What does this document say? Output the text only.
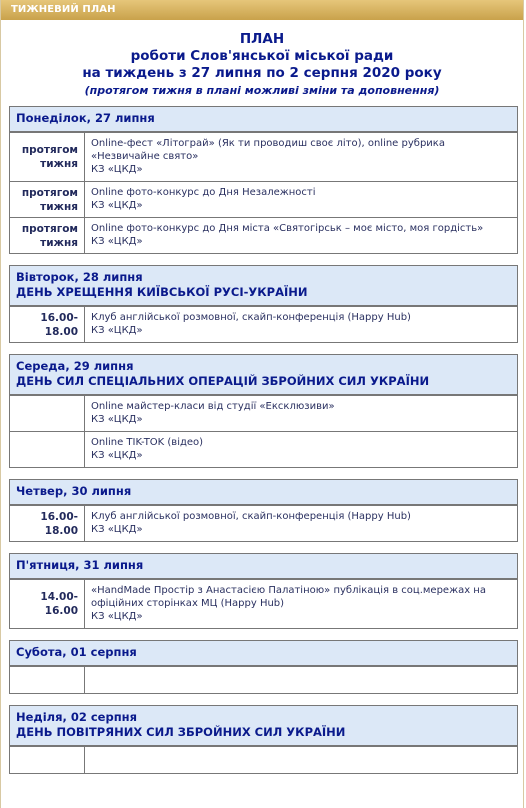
ТИЖНЕВИЙ ПЛАН
ПЛАН
роботи Слов'янської міської ради
на тиждень з 27 липня по 2 серпня 2020 року
(протягом тижня в плані можливі зміни та доповнення)
Понеділок, 27 липня
протягом тижня
Online-фест «Літограй» (Як ти проводиш своє літо), online рубрика «Незвичайне свято»
КЗ «ЦКД»
протягом тижня
Online фото-конкурс до Дня Незалежності
КЗ «ЦКД»
протягом тижня
Online фото-конкурс до Дня міста «Святогірськ – моє місто, моя гордість»
КЗ «ЦКД»
Вівторок, 28 липня
ДЕНЬ ХРЕЩЕННЯ КИЇВСЬКОЇ РУСІ-УКРАЇНИ
16.00-18.00
Клуб англійської розмовної, скайп-конференція (Happy Hub)
КЗ «ЦКД»
Середа, 29 липня
ДЕНЬ СИЛ СПЕЦІАЛЬНИХ ОПЕРАЦІЙ ЗБРОЙНИХ СИЛ УКРАЇНИ
Online майстер-класи від студії «Ексклюзиви»
КЗ «ЦКД»
Online TIK-TOK (відео)
КЗ «ЦКД»
Четвер, 30 липня
16.00-18.00
Клуб англійської розмовної, скайп-конференція (Happy Hub)
КЗ «ЦКД»
П'ятниця, 31 липня
14.00-16.00
«HandMade Простір з Анастасією Палатіною» публікація в соц.мережах на офіційних сторінках МЦ (Happy Hub)
КЗ «ЦКД»
Субота, 01 серпня
Неділя, 02 серпня
ДЕНЬ ПОВІТРЯНИХ СИЛ ЗБРОЙНИХ СИЛ УКРАЇНИ
